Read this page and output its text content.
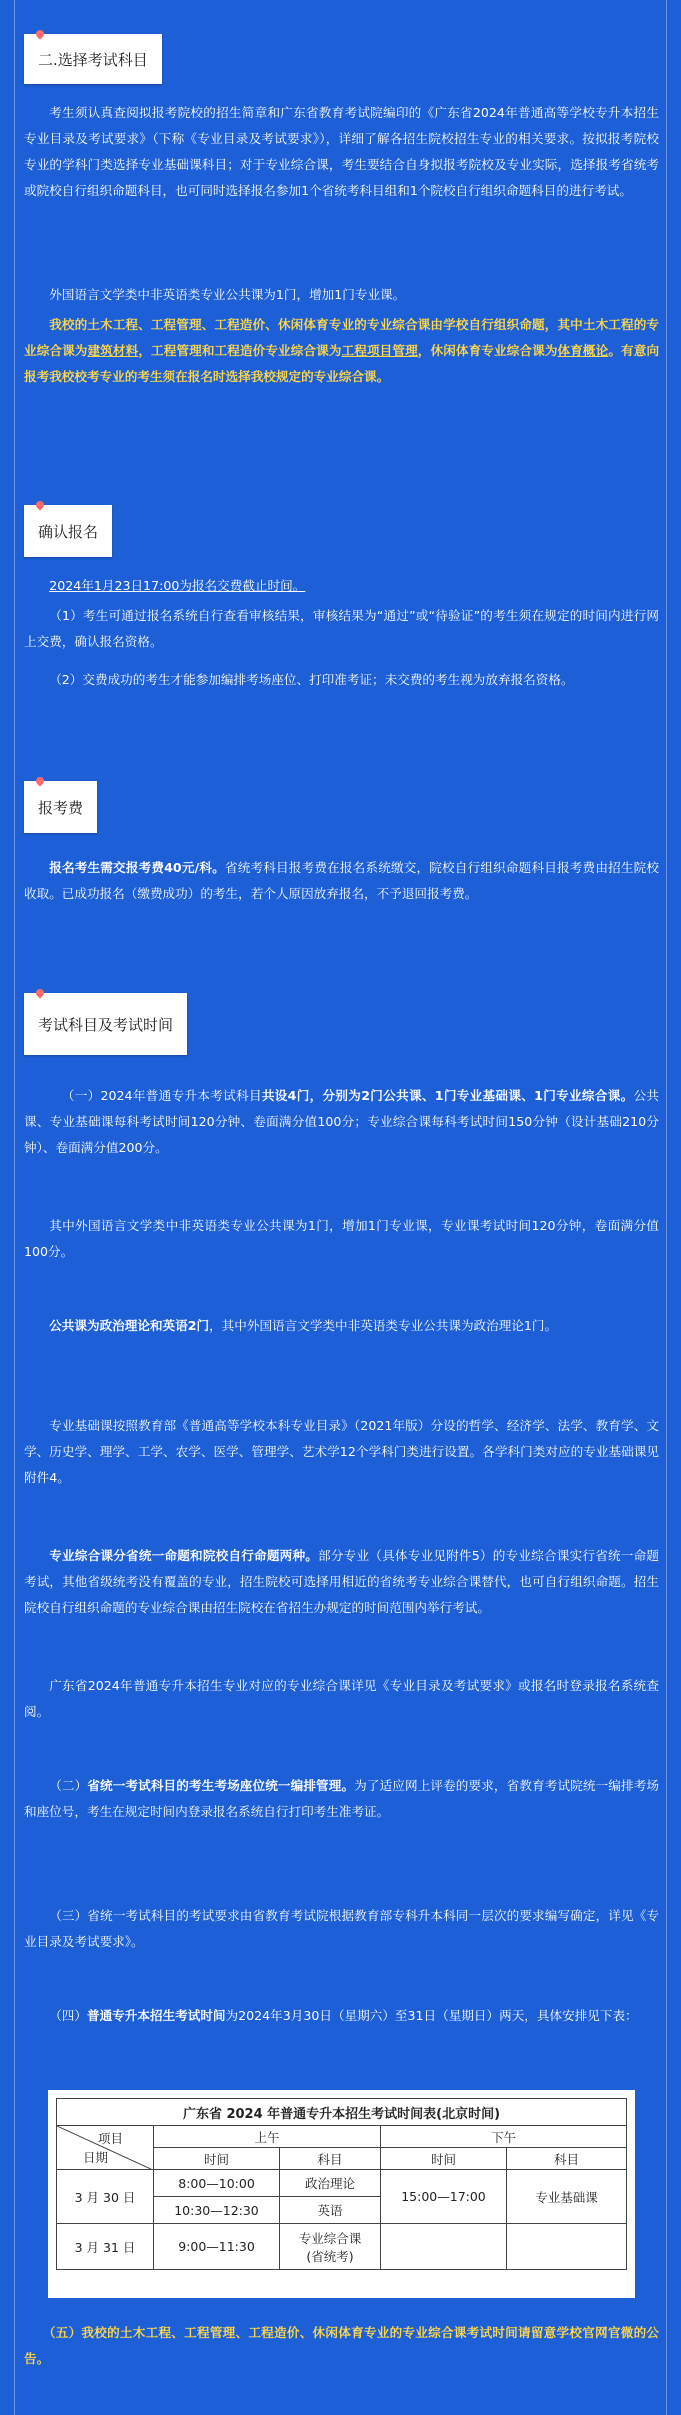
二.选择考试科目

考生须认真查阅拟报考院校的招生简章和广东省教育考试院编印的《广东省2024年普通高等学校专升本招生专业目录及考试要求》（下称《专业目录及考试要求》），详细了解各招生院校招生专业的相关要求。按拟报考院校专业的学科门类选择专业基础课科目；对于专业综合课，考生要结合自身拟报考院校及专业实际，选择报考省统考或院校自行组织命题科目，也可同时选择报名参加1个省统考科目组和1个院校自行组织命题科目的进行考试。

外国语言文学类中非英语类专业公共课为1门，增加1门专业课。

我校的土木工程、工程管理、工程造价、休闲体育专业的专业综合课由学校自行组织命题，其中土木工程的专业综合课为建筑材料，工程管理和工程造价专业综合课为工程项目管理，休闲体育专业综合课为体育概论。有意向报考我校校考专业的考生须在报名时选择我校规定的专业综合课。

确认报名

2024年1月23日17:00为报名交费截止时间。

（1）考生可通过报名系统自行查看审核结果，审核结果为“通过”或“待验证”的考生须在规定的时间内进行网上交费，确认报名资格。

（2）交费成功的考生才能参加编排考场座位、打印准考证；未交费的考生视为放弃报名资格。

报考费

报名考生需交报考费40元/科。省统考科目报考费在报名系统缴交，院校自行组织命题科目报考费由招生院校收取。已成功报名（缴费成功）的考生，若个人原因放弃报名，不予退回报考费。

考试科目及考试时间

（一）2024年普通专升本考试科目共设4门，分别为2门公共课、1门专业基础课、1门专业综合课。公共课、专业基础课每科考试时间120分钟、卷面满分值100分；专业综合课每科考试时间150分钟（设计基础210分钟）、卷面满分值200分。

其中外国语言文学类中非英语类专业公共课为1门，增加1门专业课，专业课考试时间120分钟，卷面满分值100分。

公共课为政治理论和英语2门，其中外国语言文学类中非英语类专业公共课为政治理论1门。

专业基础课按照教育部《普通高等学校本科专业目录》（2021年版）分设的哲学、经济学、法学、教育学、文学、历史学、理学、工学、农学、医学、管理学、艺术学12个学科门类进行设置。各学科门类对应的专业基础课见附件4。

专业综合课分省统一命题和院校自行命题两种。部分专业（具体专业见附件5）的专业综合课实行省统一命题考试，其他省级统考没有覆盖的专业，招生院校可选择用相近的省统考专业综合课替代，也可自行组织命题。招生院校自行组织命题的专业综合课由招生院校在省招生办规定的时间范围内举行考试。

广东省2024年普通专升本招生专业对应的专业综合课详见《专业目录及考试要求》或报名时登录报名系统查阅。

（二）省统一考试科目的考生考场座位统一编排管理。为了适应网上评卷的要求，省教育考试院统一编排考场和座位号，考生在规定时间内登录报名系统自行打印考生准考证。

（三）省统一考试科目的考试要求由省教育考试院根据教育部专科升本科同一层次的要求编写确定，详见《专业目录及考试要求》。

（四）普通专升本招生考试时间为2024年3月30日（星期六）至31日（星期日）两天，具体安排见下表：

广东省 2024 年普通专升本招生考试时间表(北京时间)				

项目
日期	上午		下午	
	时间	科目	时间	科目
3 月 30 日	8:00—10:00	政治理论	15:00—17:00	专业基础课
	10:30—12:30	英语		
3 月 31 日	9:00—11:30	专业综合课
(省统考)		

（五）我校的土木工程、工程管理、工程造价、休闲体育专业的专业综合课考试时间请留意学校官网官微的公告。
